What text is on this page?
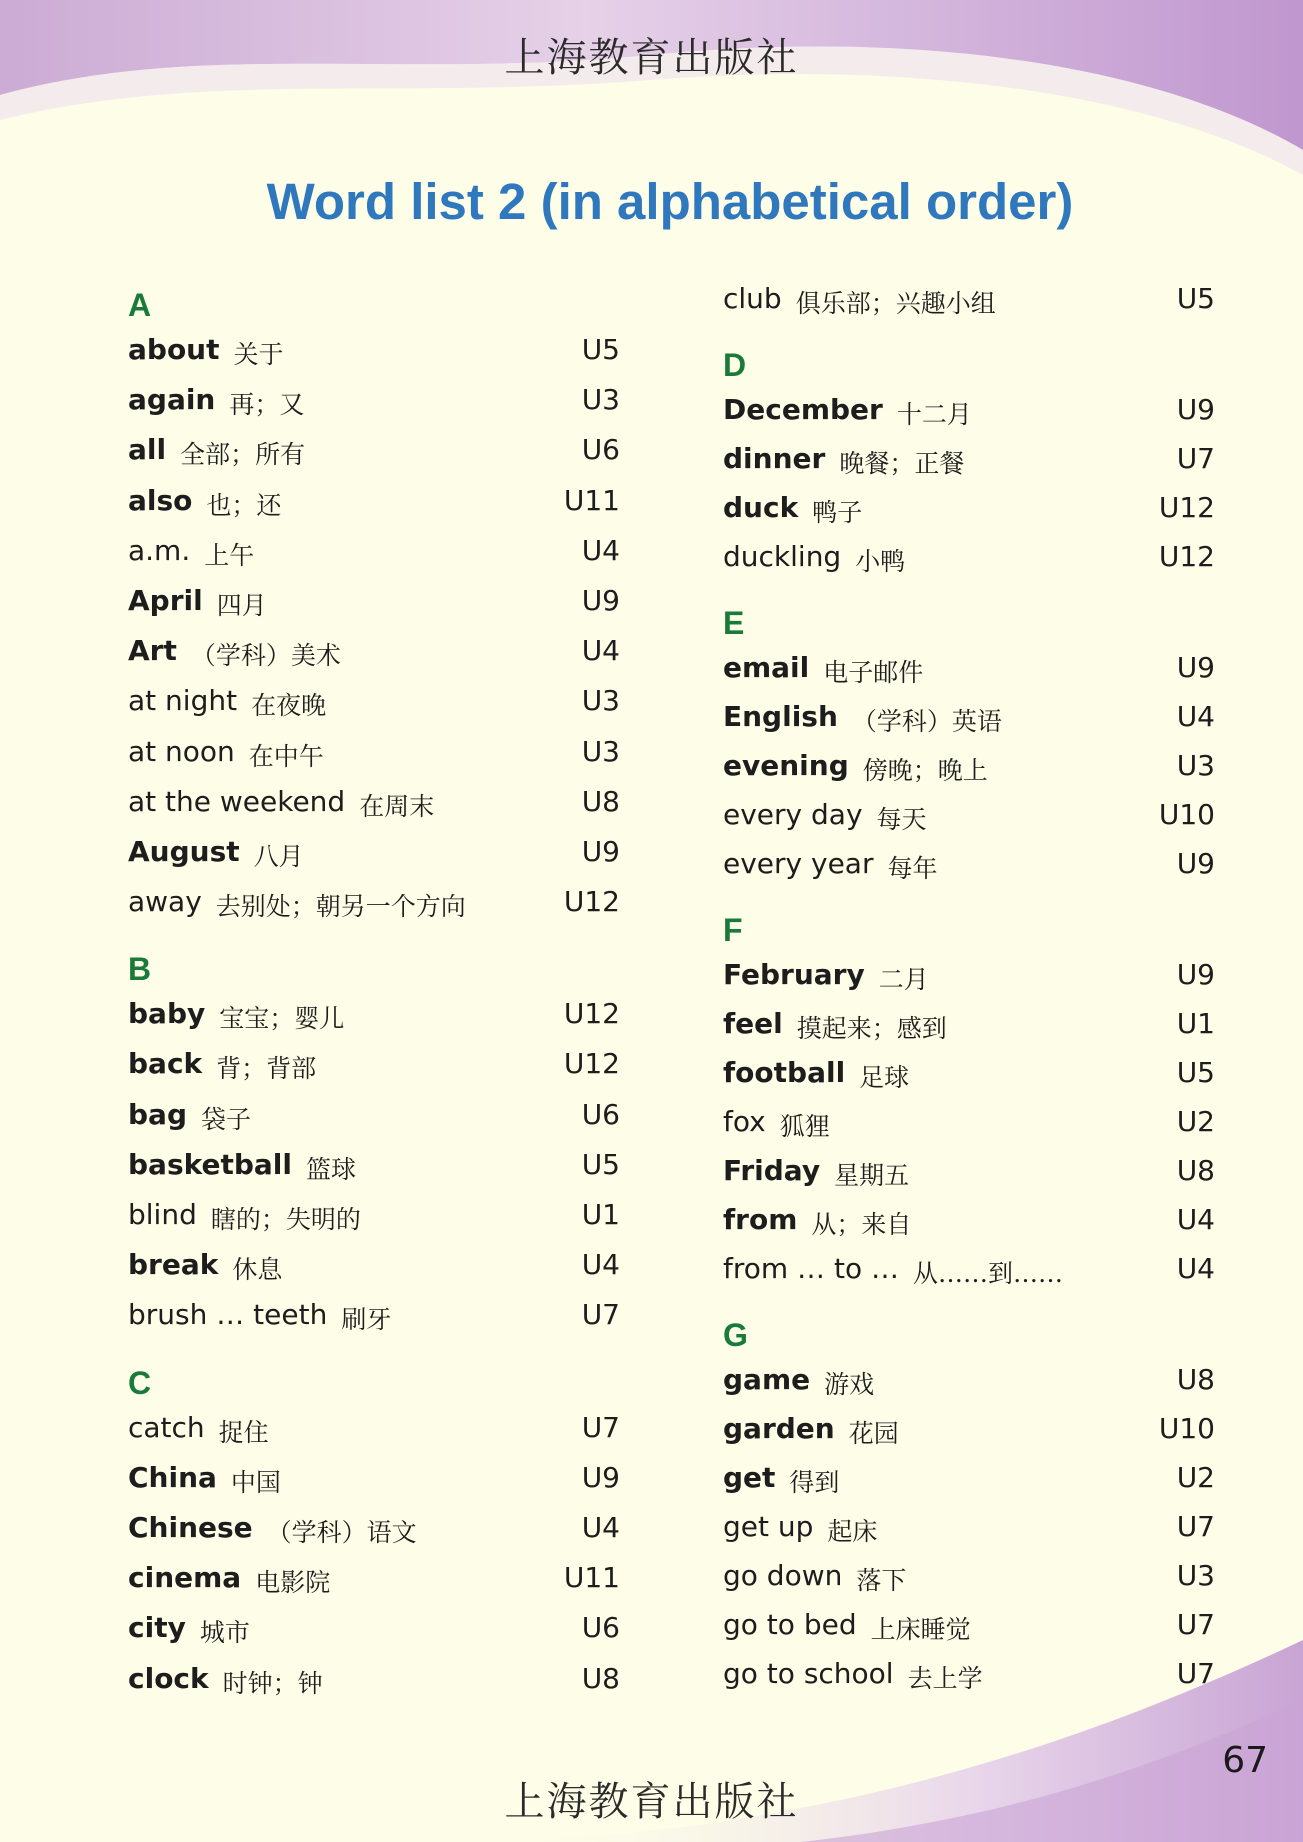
上海教育出版社
Word list 2 (in alphabetical order)
A
about 关于	U5
again 再；又	U3
all 全部；所有	U6
also 也；还	U11
a.m. 上午	U4
April 四月	U9
Art （学科）美术	U4
at night 在夜晚	U3
at noon 在中午	U3
at the weekend 在周末	U8
August 八月	U9
away 去别处；朝另一个方向	U12
B
baby 宝宝；婴儿	U12
back 背；背部	U12
bag 袋子	U6
basketball 篮球	U5
blind 瞎的；失明的	U1
break 休息	U4
brush … teeth 刷牙	U7
C
catch 捉住	U7
China 中国	U9
Chinese （学科）语文	U4
cinema 电影院	U11
city 城市	U6
clock 时钟；钟	U8
club 俱乐部；兴趣小组	U5
D
December 十二月	U9
dinner 晚餐；正餐	U7
duck 鸭子	U12
duckling 小鸭	U12
E
email 电子邮件	U9
English （学科）英语	U4
evening 傍晚；晚上	U3
every day 每天	U10
every year 每年	U9
F
February 二月	U9
feel 摸起来；感到	U1
football 足球	U5
fox 狐狸	U2
Friday 星期五	U8
from 从；来自	U4
from … to … 从……到……	U4
G
game 游戏	U8
garden 花园	U10
get 得到	U2
get up 起床	U7
go down 落下	U3
go to bed 上床睡觉	U7
go to school 去上学	U7
67
上海教育出版社
